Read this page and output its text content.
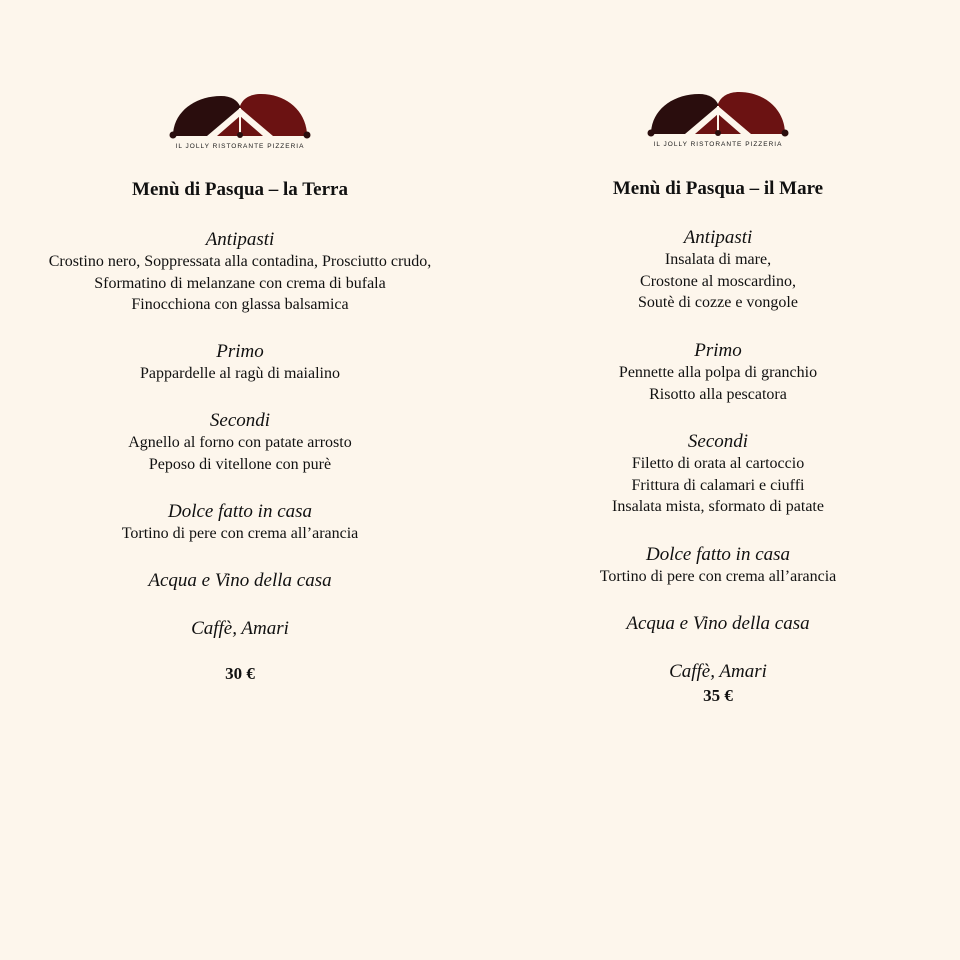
IL JOLLY RISTORANTE PIZZERIA
Menù di Pasqua – la Terra
Antipasti
Crostino nero, Soppressata alla contadina, Prosciutto crudo,
Sformatino di melanzane con crema di bufala
Finocchiona con glassa balsamica
Primo
Pappardelle al ragù di maialino
Secondi
Agnello al forno con patate arrosto
Peposo di vitellone con purè
Dolce fatto in casa
Tortino di pere con crema all’arancia
Acqua e Vino della casa
Caffè, Amari
30 €
IL JOLLY RISTORANTE PIZZERIA
Menù di Pasqua – il Mare
Antipasti
Insalata di mare,
Crostone al moscardino,
Soutè di cozze e vongole
Primo
Pennette alla polpa di granchio
Risotto alla pescatora
Secondi
Filetto di orata al cartoccio
Frittura di calamari e ciuffi
Insalata mista, sformato di patate
Dolce fatto in casa
Tortino di pere con crema all’arancia
Acqua e Vino della casa
Caffè, Amari
35 €
